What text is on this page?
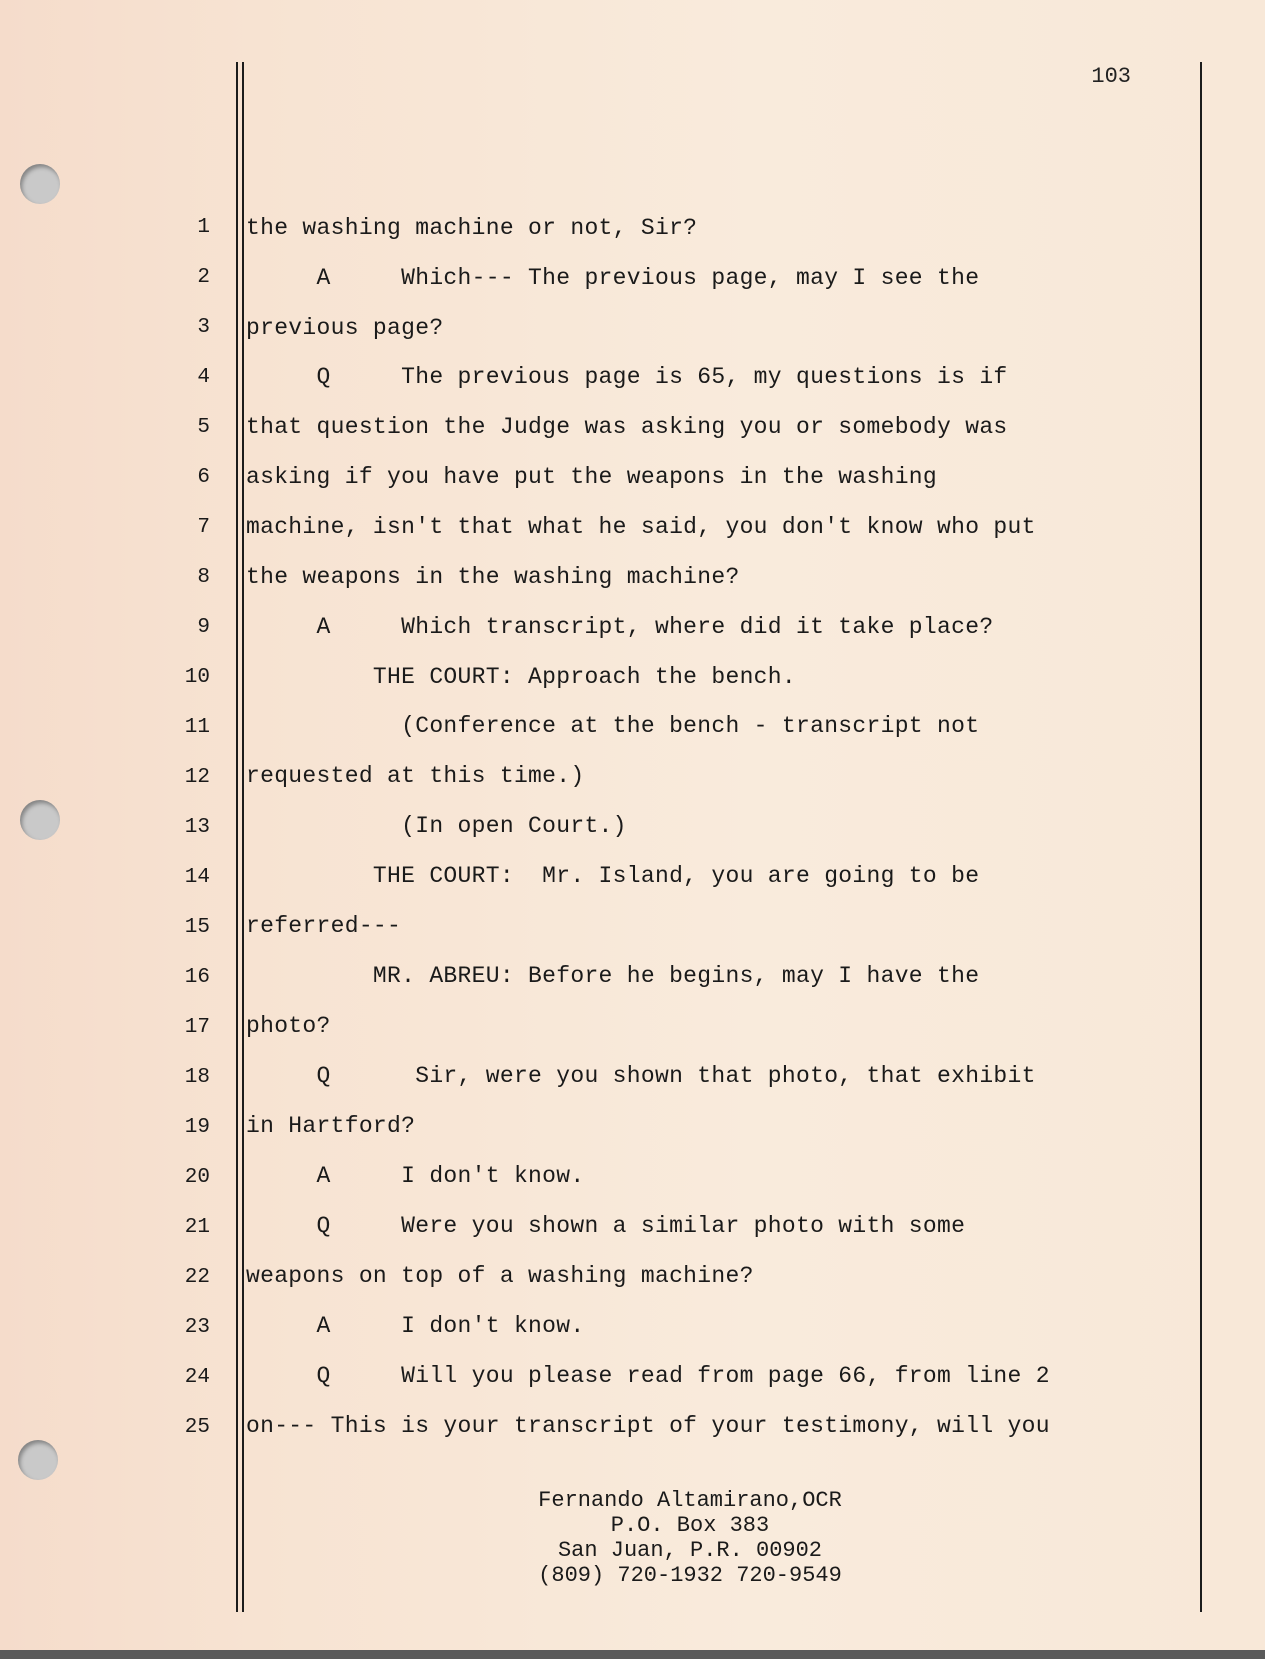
103
1 the washing machine or not, Sir?
2 A     Which--- The previous page, may I see the
3 previous page?
4 Q     The previous page is 65, my questions is if
5 that question the Judge was asking you or somebody was
6 asking if you have put the weapons in the washing
7 machine, isn't that what he said, you don't know who put
8 the weapons in the washing machine?
9 A     Which transcript, where did it take place?
10 THE COURT: Approach the bench.
11 (Conference at the bench - transcript not
12 requested at this time.)
13 (In open Court.)
14 THE COURT:  Mr. Island, you are going to be
15 referred---
16 MR. ABREU: Before he begins, may I have the
17 photo?
18 Q      Sir, were you shown that photo, that exhibit
19 in Hartford?
20 A     I don't know.
21 Q     Were you shown a similar photo with some
22 weapons on top of a washing machine?
23 A     I don't know.
24 Q     Will you please read from page 66, from line 2
25 on--- This is your transcript of your testimony, will you
Fernando Altamirano,OCR
P.O. Box 383
San Juan, P.R. 00902
(809) 720-1932 720-9549
